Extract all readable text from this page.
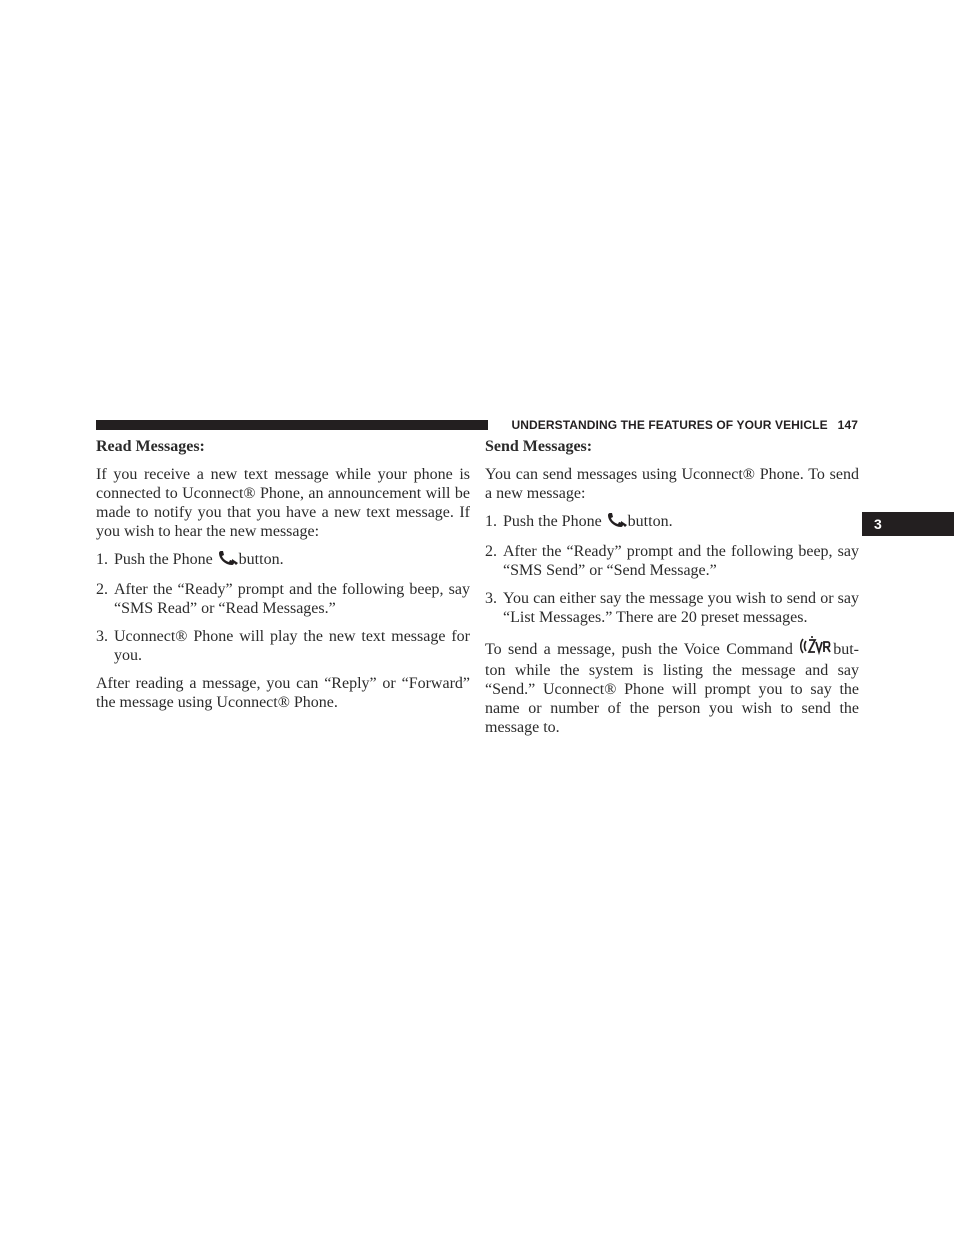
UNDERSTANDING THE FEATURES OF YOUR VEHICLE 147
3
Read Messages:
If you receive a new text message while your phone is connected to Uconnect® Phone, an announcement will be made to notify you that you have a new text message. If you wish to hear the new message:
1. Push the Phone button.
2. After the “Ready” prompt and the following beep, say “SMS Read” or “Read Messages.”
3. Uconnect® Phone will play the new text message for you.
After reading a message, you can “Reply” or “Forward” the message using Uconnect® Phone.
Send Messages:
You can send messages using Uconnect® Phone. To send a new message:
1. Push the Phone button.
2. After the “Ready” prompt and the following beep, say “SMS Send” or “Send Message.”
3. You can either say the message you wish to send or say “List Messages.” There are 20 preset messages.
To send a message, push the Voice Command	but-ton while the system is listing the message and say “Send.” Uconnect® Phone will prompt you to say the name or number of the person you wish to send the message to.
